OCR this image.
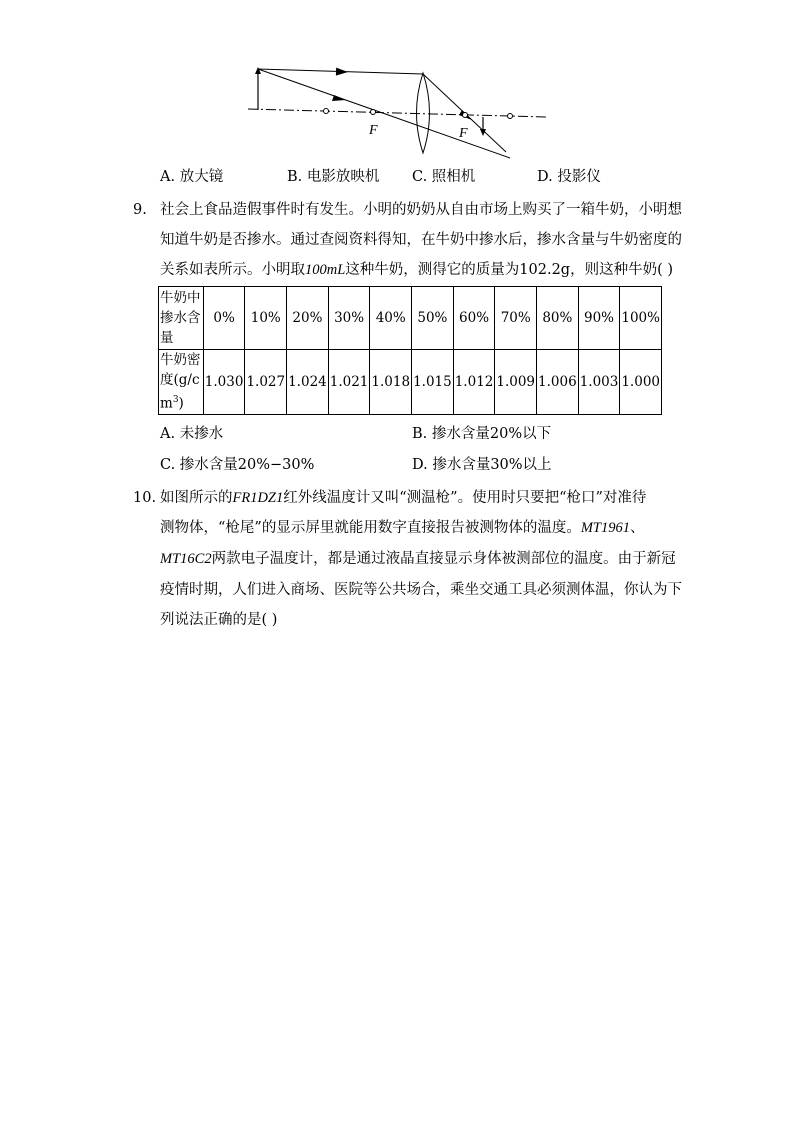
F	F
A. 放大镜	B. 电影放映机 C. 照相机	D. 投影仪
9. 社会上食品造假事件时有发生。小明的奶奶从自由市场上购买了一箱牛奶，小明想
知道牛奶是否掺水。通过查阅资料得知，在牛奶中掺水后，掺水含量与牛奶密度的
关系如表所示。小明取100mL这种牛奶，测得它的质量为102.2g，则这种牛奶( )
牛奶中掺水含
量	0%	10%	20%	30%	40%	50%	60%	70%	80%	90%	100%
牛奶密度(g/c
$m^3$)	1.030	1.027	1.024	1.021	1.018	1.015	1.012	1.009	1.006	1.003	1.000
A. 未掺水	B. 掺水含量20%以下
C. 掺水含量20%−30%	D. 掺水含量30%以上
10. 如图所示的FR1DZ1红外线温度计又叫“测温枪”。使用时只要把“枪口”对准待
测物体，“枪尾”的显示屏里就能用数字直接报告被测物体的温度。MT1961、
MT16C2两款电子温度计，都是通过液晶直接显示身体被测部位的温度。由于新冠
疫情时期，人们进入商场、医院等公共场合，乘坐交通工具必须测体温，你认为下
列说法正确的是( )
